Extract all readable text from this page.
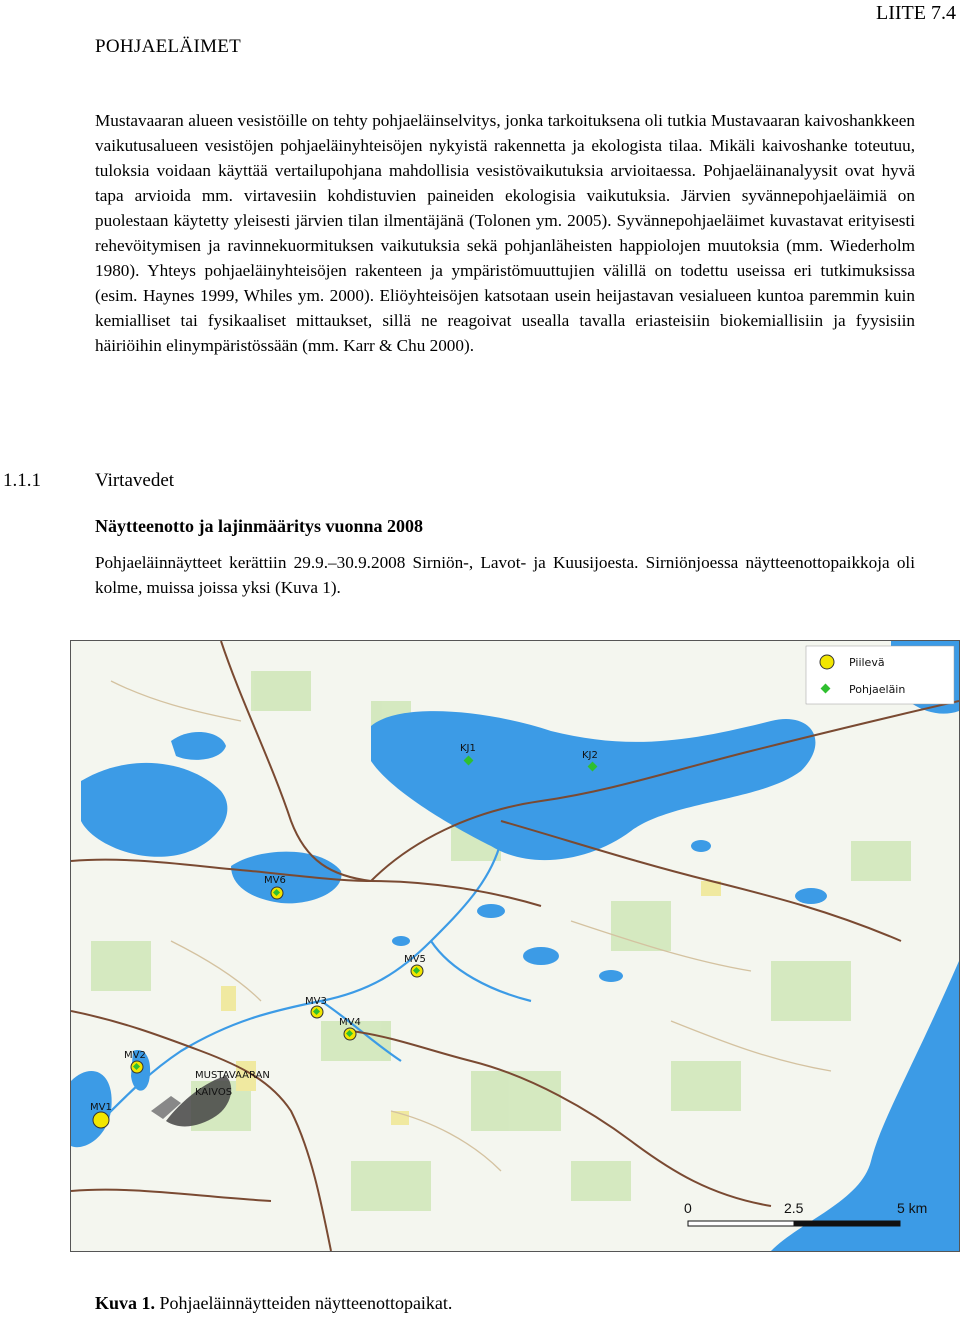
LIITE 7.4
POHJAELÄIMET

Mustavaaran alueen vesistöille on tehty pohjaeläinselvitys, jonka tarkoituksena oli tutkia Mustavaaran kaivoshankkeen vaikutusalueen vesistöjen pohjaeläinyhteisöjen nykyistä rakennetta ja ekologista tilaa. Mikäli kaivoshanke toteutuu, tuloksia voidaan käyttää vertailupohjana mahdollisia vesistövaikutuksia arvioitaessa. Pohjaeläinanalyysit ovat hyvä tapa arvioida mm. virtavesiin kohdistuvien paineiden ekologisia vaikutuksia. Järvien syvännepohjaeläimiä on puolestaan käytetty yleisesti järvien tilan ilmentäjänä (Tolonen ym. 2005). Syvännepohjaeläimet kuvastavat erityisesti rehevöitymisen ja ravinnekuormituksen vaikutuksia sekä pohjanläheisten happiolojen muutoksia (mm. Wiederholm 1980). Yhteys pohjaeläinyhteisöjen rakenteen ja ympäristömuuttujien välillä on todettu useissa eri tutkimuksissa (esim. Haynes 1999, Whiles ym. 2000). Eliöyhteisöjen katsotaan usein heijastavan vesialueen kuntoa paremmin kuin kemialliset tai fysikaaliset mittaukset, sillä ne reagoivat usealla tavalla eriasteisiin biokemiallisiin ja fyysisiin häiriöihin elinympäristössään (mm. Karr & Chu 2000).

1.1.1	Virtavedet
Näytteenotto ja lajinmääritys vuonna 2008

Pohjaeläinnäytteet kerättiin 29.9.–30.9.2008 Sirniön-, Lavot- ja Kuusijoesta. Sirniönjoessa näytteenottopaikkoja oli kolme, muissa joissa yksi (Kuva 1).

MUSTAVAARAN
KAIVOS
Piilevä
Pohjaeläin
KJ1
KJ2
MV6
MV5
MV3
MV4
MV2
MV1
0	2.5	5 km
Kuva 1. Pohjaeläinnäytteiden näytteenottopaikat.
